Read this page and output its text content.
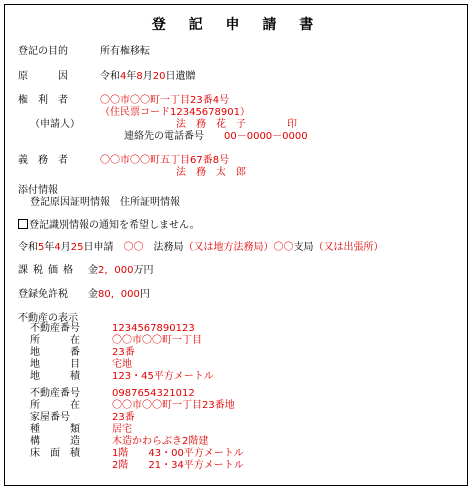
登 記 申 請 書
登記の目的	所有権移転
原　　　因	令和4年8月20日遺贈
権　利　者	〇〇市〇〇町一丁目23番4号
（住民票コード12345678901）
（申請人）	法　務　花　子	印
連絡先の電話番号 00－0000－0000
義　務　者	〇〇市〇〇町五丁目67番8号
法　務　太　郎
添付情報
登記原因証明情報　住所証明情報
登記識別情報の通知を希望しません。
令和5年4月25日申請　 〇〇　 法務局（又は地方法務局）〇〇支局（又は出張所）
課税価格 金2，000万円
登録免許税 金80，000円
不動産の表示
不動産番号	1234567890123
所　　　在	〇〇市〇〇町一丁目
地　　　番	23番
地　　　目	宅地
地　　　積	123・45平方メートル
不動産番号	0987654321012
所　　　在	〇〇市〇〇町一丁目23番地
家屋番号	23番
種　　　類	居宅
構　　　造	木造かわらぶき2階建
床　面　積	1階　　43・00平方メートル
2階　　21・34平方メートル
